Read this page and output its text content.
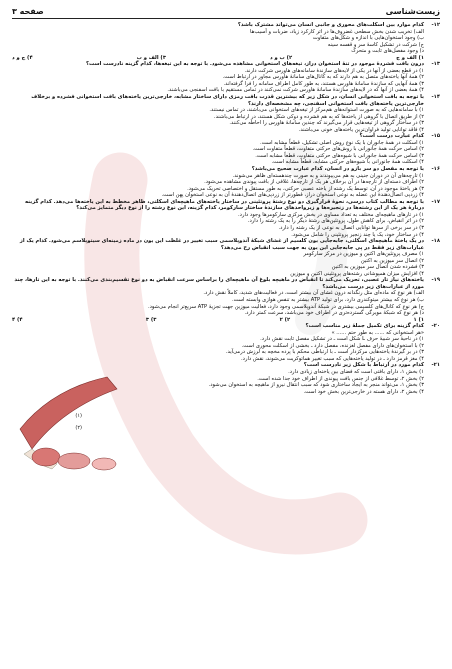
زیست‌شناسی
صفحه ۳
-۱۲
کدام موارد بین اسکلت‌های محوری و جانبی انسان می‌تواند مشترک باشد؟
الف) تخریب شدن بخش سطحی غضروف‌ها در اثر کارکرد زیاد، ضربات و آسیب‌ها
ب) وجود استخوان‌هایی با اندازه و شکل‌های متفاوت
ج) شرکت در تشکیل کاسهٔ سر و قفسه سینه
د) وجود مفصل‌های ثابت و متحرک
۱) الف و ج
۲) ب و د
۳) الف و ب
۴) ج و د
-۱۳
درون بافت فشردهٔ موجود در تنهٔ استخوان دراز، تیغه‌های استخوانی مشاهده می‌شود. با توجه به این تیغه‌ها، کدام گزینه نادرست است؟
۱) در قطع بعضی از آنها در یکی از لایه‌های سازندهٔ سامانه‌های هاورس شرکت دارند.
۲) همهٔ آنها یاخته‌های متصل به هم دارند که به کانال‌های سامانهٔ هاورس مجاور در ارتباط است.
۳) همهٔ آنهایی که سازندهٔ سامانهٔ هاورس هستند، به طور کامل اطراف سامانه را فرا گرفته‌اند.
۴) همهٔ بعضی از آنها که در لایه‌های سازندهٔ سامانهٔ هاورس شرکت نمی‌کنند در تماس مستقیم با بافت اسفنجی می‌باشند.
-۱۴
با توجه به بافت استخوانی انسان، در شکل زیر که بیشترین قدرت بافت رمزی دارای ساختار مشابه، خارجی‌ترین یاخته‌های بافت استخوانی فشرده و برخلاف خارجی‌ترین یاخته‌های بافت استخوانی اسفنجی، چه مشخصه‌ای دارند؟
۱) با سامانه‌هایی که به صورت استوانه‌های هم‌مرکز از تیغه‌های استخوانی می‌باشند، در تماس نیستند.
۲) از طریق اتصال با گروهی از یاخته‌ها که به هم فشرده و دوکی شکل هستند، در ارتباط می‌باشند.
۳) در ساختار گروهی از تیغه‌هایی قرار می‌گیرند که چندین سامانهٔ هاورس را احاطه می‌کنند.
۴) فاقد توانایی تولید فراوان‌ترین یاخته‌های خونی می‌باشند.
-۱۵
کدام عبارت درست است؟
۱) اسکلت در همهٔ جانوران با یک نوع روش اصلی تشکیل، قطعاً مشابه است.
۲) اساس حرکت همهٔ جانورانی با روش‌های حرکتی متفاوت، قطعاً متفاوت است.
۳) اساس حرکت همهٔ جانورانی با شیوه‌های حرکتی متفاوت، قطعاً مشابه است.
۴) اسکلت همهٔ جانورانی با شیوه‌های حرکتی مشابه، قطعاً مشابه است.
-۱۶
با توجه به مفصل دو سر بازو در انسان، کدام عبارت صحیح می‌باشد؟
۱) تارچه‌های آن در دوران جنینی به هم می‌پیوندند و به صورت چندهسته‌ای ظاهر می‌شوند.
۲) اطراف دسته‌ای از تارچه‌ها در آن برخلاف هر یک از تارچه‌ها، غلافی از بافت پیوندی مشاهده می‌شود.
۳) هر یاختهٔ موجود در آن، توسط یک رشته از یاخته عصبی حرکتی، به طور مستقل و اختصاصی تحریک می‌شود.
۴) زردپی اتصال‌دهندهٔ این عضله به نوعی استخوان دراز، قطورتر از زردپی‌های اتصال‌دهندهٔ آن به نوعی استخوان پهن است.
-۱۷
با توجه به مطالب کتاب درسی، نحوهٔ قرارگیری دو نوع رشتهٔ پروتئینی در ساختار یاخته‌های ماهیچه‌ای اسکلتی، ظاهر مخطط به این یاخته‌ها می‌دهد. کدام گزینه دربارهٔ هر یک از این رشته‌ها در زنجیره‌ها و زیرواحدهای سازندهٔ ساختار سارکومر، کدام گزینه، این نوع رشته را از نوع دیگر متمایز می‌کند؟
۱) در تارهای ماهیچه‌ای مختلف به تعداد مساوی در بخش مرکزی سارکومرها وجود دارد.
۲) در اثر انقباض، برای کاهش طول، پروتئین‌های رشتهٔ دیگر را به یک رشته را دارد.
۳) در سر برخی از سرها توانایی اتصال به نوعی از یک رشته را دارد.
۴) در ساختار خود، یک یا چند زنجیر پروتئینی را شامل می‌شود.
-۱۸
در یک یاختهٔ ماهیچه‌ای اسکلتی، جابه‌جایی یون کلسیم از غشای شبکهٔ آندوپلاسمی سبب تغییر در غلظت این یون در ماده زمینه‌ای سیتوپلاسم می‌شود. کدام یک از عبارات‌های زیر فقط در پی جابه‌جایی این یون به جهت سبب انقباض رخ می‌دهد؟
۱) مصرف پروتئین‌های اکتین و میوزین در مرکز سارکومر
۲) اتصال سر میوزین به اکتین
۳) فشرده شدن اتصال سر میوزین به اکتین
۴) افزایش میزان همپوشانی رشته‌های پروتئینی اکتین و میوزین
-۱۹
یاخته‌های نیاز تار عصبی، تحریک می‌کند تا انقباض در ماهیچه بلوغ آن ماهیچه‌ای را براساس سرعت انقباض به دو نوع تقسیم‌بندی می‌کنند. با توجه به این تارها، چند مورد از عبارات‌های زیر درست می‌باشد؟
الف) هر نوع که ماده‌ای مثل رنگدانه درون غشای آن بیشتر است، در فعالیت‌های شدید، کاملاً نقش دارد.
ب) هر نوع که بیشتر میتوکندری دارد، برای تولید ATP بیشتر به تنفس هوازی وابسته است.
ج) هر نوع که کانال‌های کلسیمی بیشتری در شبکهٔ آندوپلاسمی وجود دارد، فعالیت میوزین جهت تجزیهٔ ATP سریع‌تر انجام می‌شود.
د) هر نوع که شبکهٔ مویرگی گسترده‌تری در اطراف خود می‌باشد، سرعت کمتر دارد.
۱) ۱
۲) ۲
۳) ۳
۴) ۴
-۲۰
کدام گزینه برای تکمیل جملهٔ زیر مناسب است؟
«هر استخوانی که ...... به طور حتم ...... »
۱) در ناحیهٔ سر شبیهٔ حرف L شکل است ـ در تشکیل مفصل ثابت نقش دارد.
۲) با استخوان‌های دارای مفصل لغزنده، مفصل دارد ـ بخشی از اسکلت محوری است.
۳) در بر گیرندهٔ یاخته‌هایی مرکزدار است ـ با ارتباطی محکم با پرده مخچه به لرزش درمی‌آید.
۴) مغز قرمز دارد ـ در تولید یاخته‌هایی که سبب تغییر هماتوکریت می‌شوند، نقش دارد.
-۲۱
کدام مورد در ارتباط با شکل زیر نادرست است؟
(۱)
(۲)
۱) بخش ۱، دارای بافتی است که فضای بین یاخته‌ای زیادی دارد.
۲) بخش ۲، توسط غلافی از جنس بافت پیوندی از اطراف خود جدا شده است.
۳) بخش ۱، می‌تواند منجر به ایجاد ساختاری شود که سبب انتقال نیرو از ماهیچه به استخوان می‌شود.
۴) بخش ۲، دارای هسته در خارجی‌ترین بخش خود است.
